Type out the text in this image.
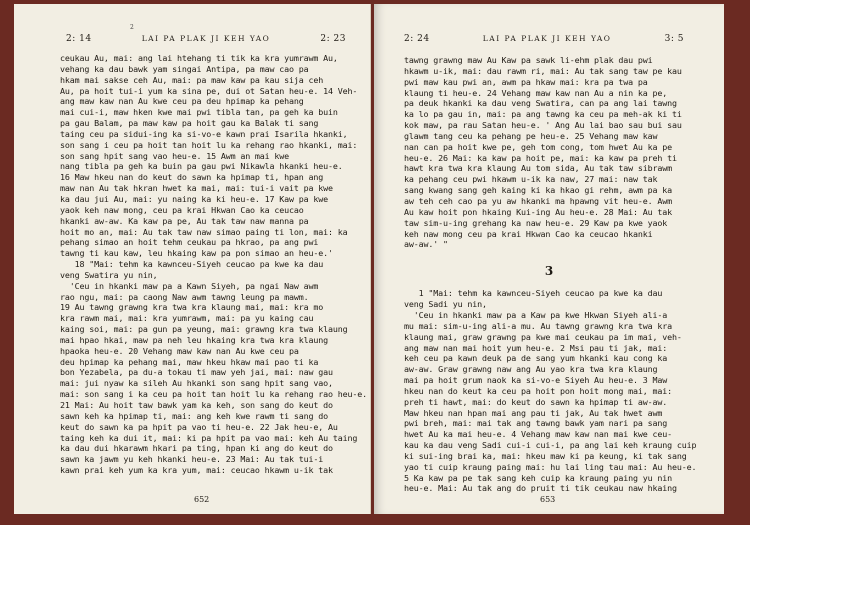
2
2: 14	LAI PA PLAK JI KEH YAO	2: 23
ceukau Au, mai: ang lai htehang ti tik ka kra yumrawm Au,
vehang ka dau bawk yam singai Antipa, pa maw cao pa
hkam mai sakse ceh Au, mai: pa maw kaw pa kau sija ceh
Au, pa hoit tui-i yum ka sina pe, dui ot Satan heu-e. 14 Veh-
ang maw kaw nan Au kwe ceu pa deu hpimap ka pehang
mai cui-i, maw hken kwe mai pwi tibla tan, pa geh ka buin
pa gau Balam, pa maw kaw pa hoit gau ka Balak ti sang
taing ceu pa sidui-ing ka si-vo-e kawn prai Isarila hkanki,
son sang i ceu pa hoit tan hoit lu ka rehang rao hkanki, mai:
son sang hpit sang vao heu-e. 15 Awm an mai kwe
nang tibla pa geh ka buin pa gau pwi Nikawla hkanki heu-e.
16 Maw hkeu nan do keut do sawn ka hpimap ti, hpan ang
maw nan Au tak hkran hwet ka mai, mai: tui-i vait pa kwe
ka dau jui Au, mai: yu naing ka ki heu-e. 17 Kaw pa kwe
yaok keh naw mong, ceu pa krai Hkwan Cao ka ceucao
hkanki aw-aw. Ka kaw pa pe, Au tak taw naw manna pa
hoit mo an, mai: Au tak taw naw simao paing ti lon, mai: ka
pehang simao an hoit tehm ceukau pa hkrao, pa ang pwi
tawng ti kau kaw, leu hkaing kaw pa pon simao an heu-e.'
18 "Mai: tehm ka kawnceu-Siyeh ceucao pa kwe ka dau
veng Swatira yu nin,
'Ceu in hkanki maw pa a Kawn Siyeh, pa ngai Naw awm
rao ngu, mai: pa caong Naw awm tawng leung pa mawm.
19 Au tawng grawng kra twa kra klaung mai, mai: kra mo
kra rawm mai, mai: kra yumrawm, mai: pa yu kaing cau
kaing soi, mai: pa gun pa yeung, mai: grawng kra twa klaung
mai hpao hkai, maw pa neh leu hkaing kra twa kra klaung
hpaoka heu-e. 20 Vehang maw kaw nan Au kwe ceu pa
deu hpimap ka pehang mai, maw hkeu hkaw mai pao ti ka
bon Yezabela, pa du-a tokau ti maw yeh jai, mai: naw gau
mai: jui nyaw ka sileh Au hkanki son sang hpit sang vao,
mai: son sang i ka ceu pa hoit tan hoit lu ka rehang rao heu-e.
21 Mai: Au hoit taw bawk yam ka keh, son sang do keut do
sawn keh ka hpimap ti, mai: ang keh kwe rawm ti sang do
keut do sawn ka pa hpit pa vao ti heu-e. 22 Jak heu-e, Au
taing keh ka dui it, mai: ki pa hpit pa vao mai: keh Au taing
ka dau dui hkarawm hkari pa ting, hpan ki ang do keut do
sawn ka jawm yu keh hkanki heu-e. 23 Mai: Au tak tui-i
kawn prai keh yum ka kra yum, mai: ceucao hkawm u-ik tak
652
2: 24	LAI PA PLAK JI KEH YAO	3: 5
tawng grawng maw Au Kaw pa sawk li-ehm plak dau pwi
hkawm u-ik, mai: dau rawm ri, mai: Au tak sang taw pe kau
pwi maw kau pwi an, awm pa hkaw mai: kra pa twa pa
klaung ti heu-e. 24 Vehang maw kaw nan Au a nin ka pe,
pa deuk hkanki ka dau veng Swatira, can pa ang lai tawng
ka lo pa gau in, mai: pa ang tawng ka ceu pa meh-ak ki ti
kok maw, pa rau Satan heu-e. ' Ang Au lai bao sau bui sau
glawm tang ceu ka pehang pe heu-e. 25 Vehang maw kaw
nan can pa hoit kwe pe, geh tom cong, tom hwet Au ka pe
heu-e. 26 Mai: ka kaw pa hoit pe, mai: ka kaw pa preh ti
hawt kra twa kra klaung Au tom sida, Au tak taw sibrawm
ka pehang ceu pwi hkawm u-ik ka naw, 27 mai: naw tak
sang kwang sang geh kaing ki ka hkao gi rehm, awm pa ka
aw teh ceh cao pa yu aw hkanki ma hpawng vit heu-e. Awm
Au kaw hoit pon hkaing Kui-ing Au heu-e. 28 Mai: Au tak
taw sim-u-ing grehang ka naw heu-e. 29 Kaw pa kwe yaok
keh naw mong ceu pa krai Hkwan Cao ka ceucao hkanki
aw-aw.' "
3
1 "Mai: tehm ka kawnceu-Siyeh ceucao pa kwe ka dau
veng Sadi yu nin,
'Ceu in hkanki maw pa a Kaw pa kwe Hkwan Siyeh ali-a
mu mai: sim-u-ing ali-a mu. Au tawng grawng kra twa kra
klaung mai, graw grawng pa kwe mai ceukau pa im mai, veh-
ang maw nan mai hoit yum heu-e. 2 Msi pau ti jak, mai:
keh ceu pa kawn deuk pa de sang yum hkanki kau cong ka
aw-aw. Graw grawng naw ang Au yao kra twa kra klaung
mai pa hoit grum naok ka si-vo-e Siyeh Au heu-e. 3 Maw
hkeu nan do keut ka ceu pa hoit pon hoit mong mai, mai:
preh ti hawt, mai: do keut do sawn ka hpimap ti aw-aw.
Maw hkeu nan hpan mai ang pau ti jak, Au tak hwet awm
pwi breh, mai: mai tak ang tawng bawk yam nari pa sang
hwet Au ka mai heu-e. 4 Vehang maw kaw nan mai kwe ceu-
kau ka dau veng Sadi cui-i cui-i, pa ang lai keh kraung cuip
ki sui-ing brai ka, mai: hkeu maw ki pa keung, ki tak sang
yao ti cuip kraung paing mai: hu lai ling tau mai: Au heu-e.
5 Ka kaw pa pe tak sang keh cuip ka kraung paing yu nin
heu-e. Mai: Au tak ang do pruit ti tik ceukau naw hkaing
653
